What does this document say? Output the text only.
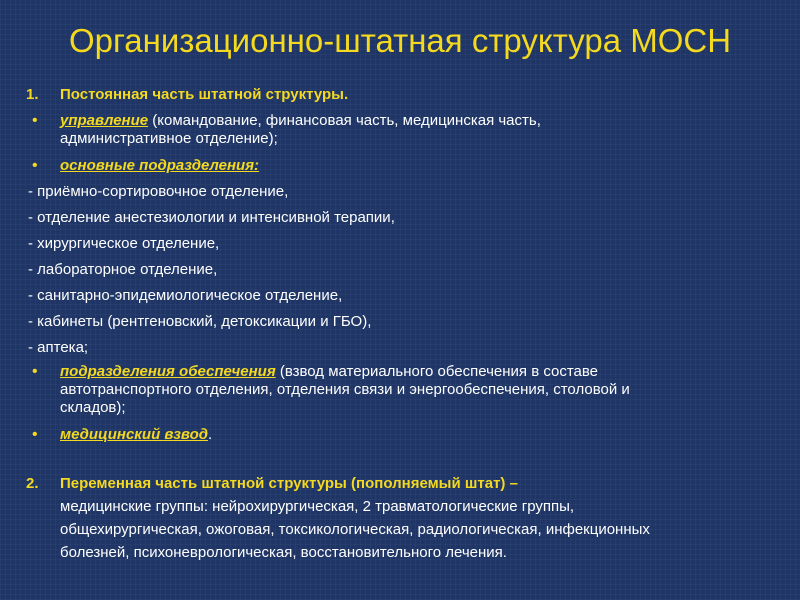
Организационно-штатная структура МОСН
1. Постоянная часть штатной структуры.
• управление (командование, финансовая часть, медицинская часть,
административное отделение);
• основные подразделения:
- приёмно-сортировочное отделение,
- отделение анестезиологии и интенсивной терапии,
- хирургическое отделение,
- лабораторное отделение,
- санитарно-эпидемиологическое отделение,
- кабинеты (рентгеновский, детоксикации и ГБО),
- аптека;
• подразделения обеспечения (взвод материального обеспечения в составе
автотранспортного отделения, отделения связи и энергообеспечения, столовой и
складов);
• медицинский взвод.
2. Переменная часть штатной структуры (пополняемый штат) –
медицинские группы: нейрохирургическая, 2 травматологические группы,
общехирургическая, ожоговая, токсикологическая, радиологическая, инфекционных
болезней, психоневрологическая, восстановительного лечения.
